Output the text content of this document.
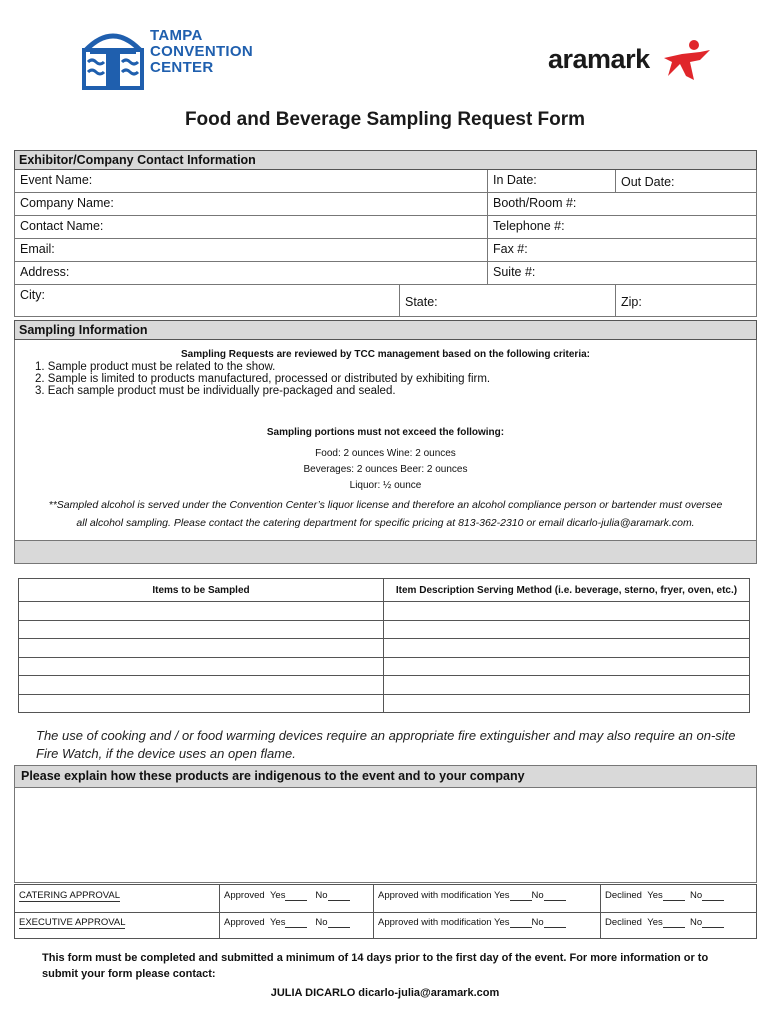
TAMPA
CONVENTION
CENTER	aramark
Food and Beverage Sampling Request Form
Exhibitor/Company Contact Information
Event Name:	In Date:	Out Date:
Company Name:	Booth/Room #:
Contact Name:	Telephone #:
Email:	Fax #:
Address:	Suite #:
City:	State:	Zip:
Sampling Information
Sampling Requests are reviewed by TCC management based on the following criteria:
1. Sample product must be related to the show.
2. Sample is limited to products manufactured, processed or distributed by exhibiting firm.
3. Each sample product must be individually pre-packaged and sealed.
Sampling portions must not exceed the following:
Food: 2 ounces Wine: 2 ounces
Beverages: 2 ounces Beer: 2 ounces
Liquor: ½ ounce
**Sampled alcohol is served under the Convention Center’s liquor license and therefore an alcohol compliance person or bartender must oversee
all alcohol sampling. Please contact the catering department for specific pricing at 813-362-2310 or email dicarlo-julia@aramark.com.
Items to be Sampled	Item Description Serving Method (i.e. beverage, sterno, fryer, oven, etc.)

The use of cooking and / or food warming devices require an appropriate fire extinguisher and may also require an on-site
Fire Watch, if the device uses an open flame.
Please explain how these products are indigenous to the event and to your company
CATERING APPROVAL	Approved Yes	No	Approved with modification Yes No	Declined Yes	No
EXECUTIVE APPROVAL	Approved Yes	No	Approved with modification Yes No	Declined Yes	No
This form must be completed and submitted a minimum of 14 days prior to the first day of the event. For more information or to submit your form please contact:
JULIA DICARLO dicarlo-julia@aramark.com
